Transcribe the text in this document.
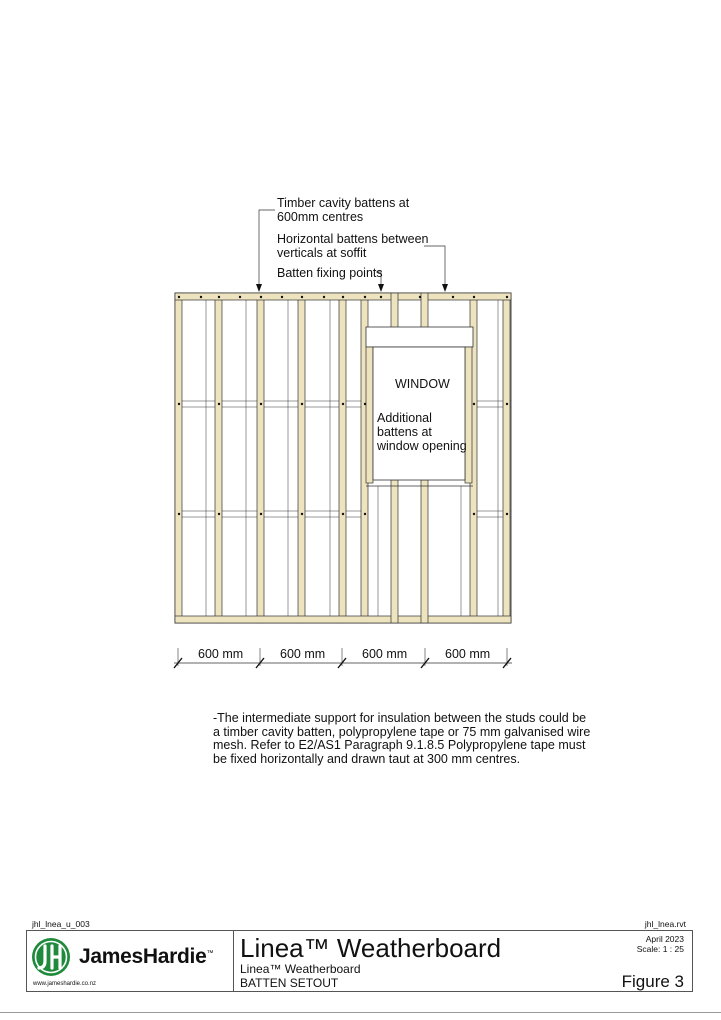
Timber cavity battens at
600mm centres
Horizontal battens between
verticals at soffit
Batten fixing points
WINDOW
Additional
battens at
window opening
600 mm	600 mm	600 mm	600 mm
-The intermediate support for insulation between the studs could be a timber cavity batten, polypropylene tape or 75 mm galvanised wire mesh. Refer to E2/AS1 Paragraph 9.1.8.5 Polypropylene tape must be fixed horizontally and drawn taut at 300 mm centres.
jhl_lnea_u_003	jhl_lnea.rvt
JamesHardie™
www.jameshardie.co.nz
Linea™ Weatherboard
Linea™ Weatherboard
BATTEN SETOUT
April 2023
Scale: 1 : 25
Figure 3
